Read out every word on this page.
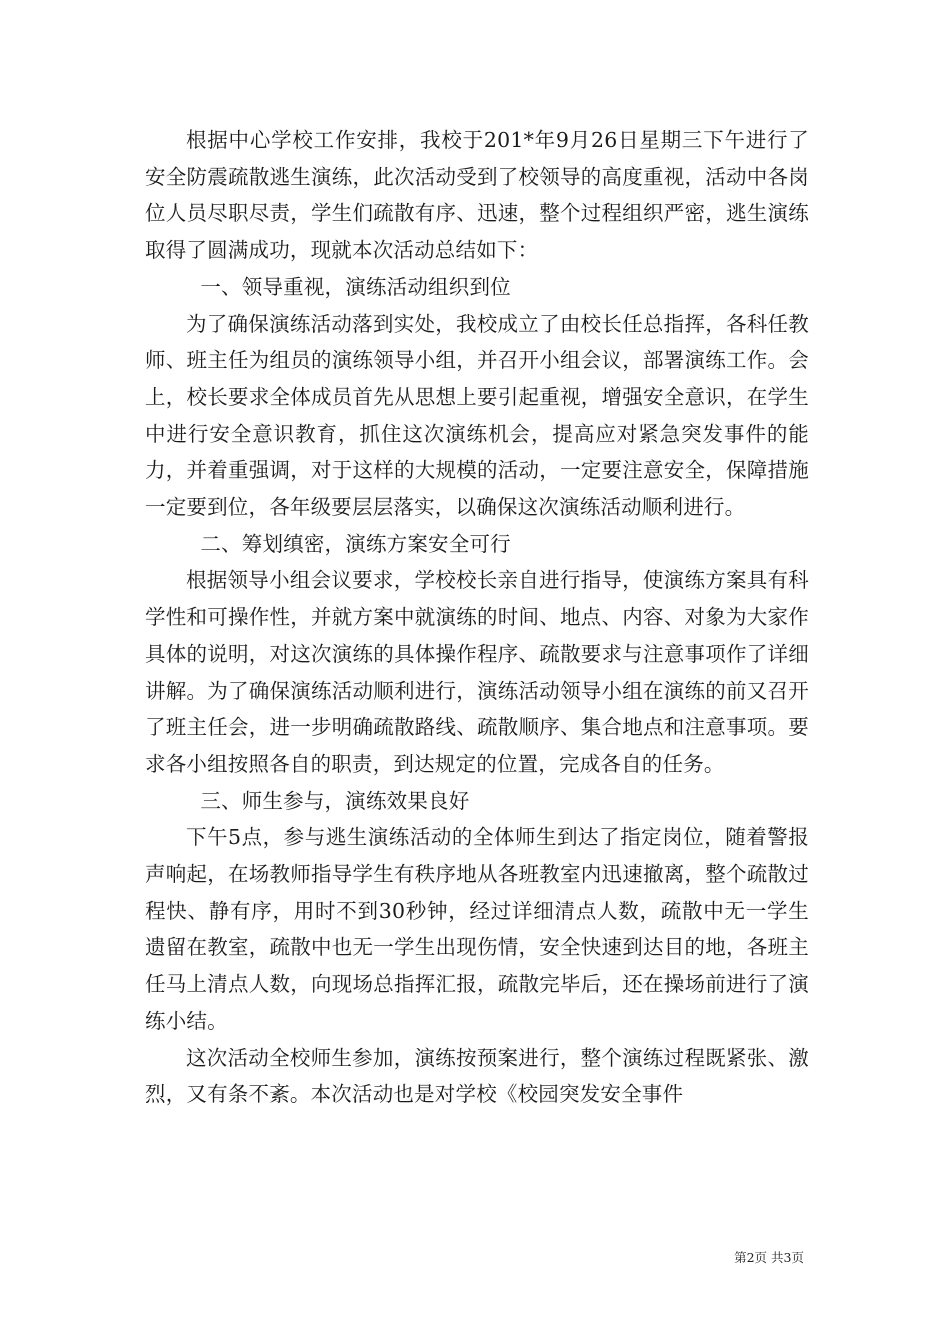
根据中心学校工作安排，我校于201*年9月26日星期三下午进行了安全防震疏散逃生演练，此次活动受到了校领导的高度重视，活动中各岗位人员尽职尽责，学生们疏散有序、迅速，整个过程组织严密，逃生演练取得了圆满成功，现就本次活动总结如下：

一、领导重视，演练活动组织到位

为了确保演练活动落到实处，我校成立了由校长任总指挥，各科任教师、班主任为组员的演练领导小组，并召开小组会议，部署演练工作。会上，校长要求全体成员首先从思想上要引起重视，增强安全意识，在学生中进行安全意识教育，抓住这次演练机会，提高应对紧急突发事件的能力，并着重强调，对于这样的大规模的活动，一定要注意安全，保障措施一定要到位，各年级要层层落实，以确保这次演练活动顺利进行。

二、筹划缜密，演练方案安全可行

根据领导小组会议要求，学校校长亲自进行指导，使演练方案具有科学性和可操作性，并就方案中就演练的时间、地点、内容、对象为大家作具体的说明，对这次演练的具体操作程序、疏散要求与注意事项作了详细讲解。为了确保演练活动顺利进行，演练活动领导小组在演练的前又召开了班主任会，进一步明确疏散路线、疏散顺序、集合地点和注意事项。要求各小组按照各自的职责，到达规定的位置，完成各自的任务。

三、师生参与，演练效果良好

下午5点，参与逃生演练活动的全体师生到达了指定岗位，随着警报声响起，在场教师指导学生有秩序地从各班教室内迅速撤离，整个疏散过程快、静有序，用时不到30秒钟，经过详细清点人数，疏散中无一学生遗留在教室，疏散中也无一学生出现伤情，安全快速到达目的地，各班主任马上清点人数，向现场总指挥汇报，疏散完毕后，还在操场前进行了演练小结。

这次活动全校师生参加，演练按预案进行，整个演练过程既紧张、激烈，又有条不紊。本次活动也是对学校《校园突发安全事件

第2页 共3页
